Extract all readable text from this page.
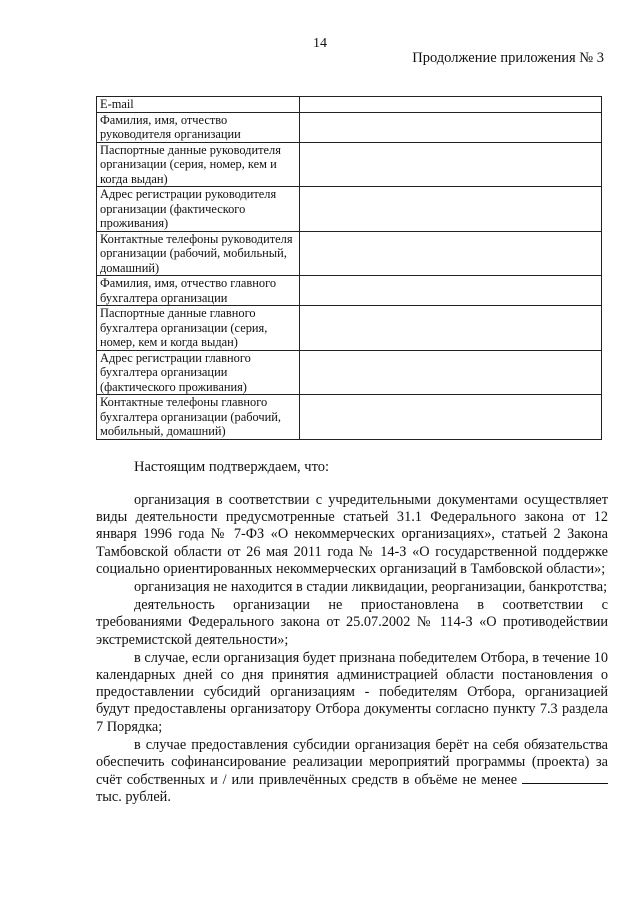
14
Продолжение приложения № 3
E-mail	
Фамилия, имя, отчество руководителя организации	
Паспортные данные руководителя организации (серия, номер, кем и когда выдан)	
Адрес регистрации руководителя организации (фактического проживания)	
Контактные телефоны руководителя организации (рабочий, мобильный, домашний)	
Фамилия, имя, отчество главного бухгалтера организации	
Паспортные данные главного бухгалтера организации (серия, номер, кем и когда выдан)	
Адрес регистрации главного бухгалтера организации (фактического проживания)	
Контактные телефоны главного бухгалтера организации (рабочий, мобильный, домашний)	
Настоящим подтверждаем, что:

организация в соответствии с учредительными документами осуществляет виды деятельности предусмотренные статьей 31.1 Федерального закона от 12 января 1996 года № 7-ФЗ «О некоммерческих организациях», статьей 2 Закона Тамбовской области от 26 мая 2011 года № 14-З «О государственной поддержке социально ориентированных некоммерческих организаций в Тамбовской области»;

организация не находится в стадии ликвидации, реорганизации, банкротства;

деятельность организации не приостановлена в соответствии с требованиями Федерального закона от 25.07.2002 № 114-З «О противодействии экстремистской деятельности»;

в случае, если организация будет признана победителем Отбора, в течение 10 календарных дней со дня принятия администрацией области постановления о предоставлении субсидий организациям - победителям Отбора, организацией будут предоставлены организатору Отбора документы согласно пункту 7.3 раздела 7 Порядка;

в случае предоставления субсидии организация берёт на себя обязательства обеспечить софинансирование реализации мероприятий программы (проекта) за счёт собственных и / или привлечённых средств в объёме не менее  тыс. рублей.
